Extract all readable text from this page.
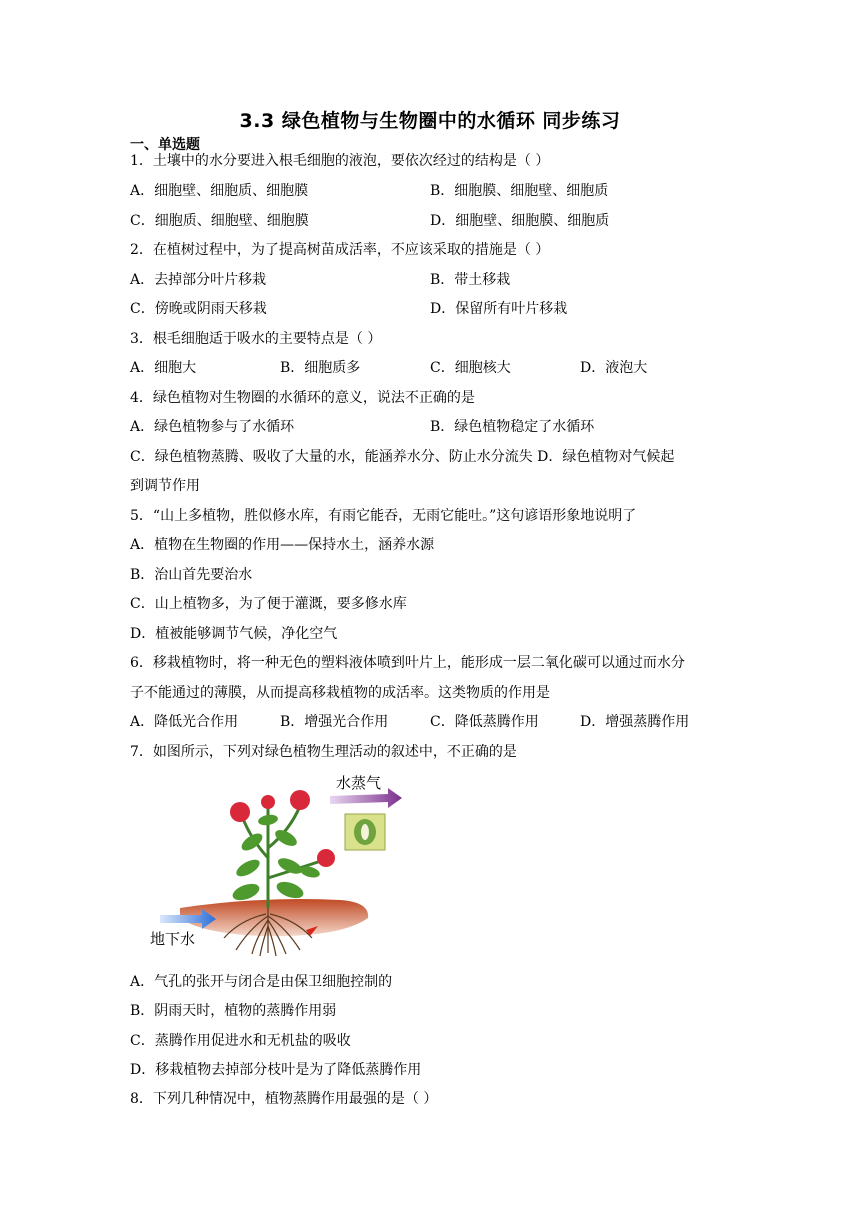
3.3 绿色植物与生物圈中的水循环 同步练习
一、单选题
1．土壤中的水分要进入根毛细胞的液泡，要依次经过的结构是（ ）
A．细胞壁、细胞质、细胞膜	B．细胞膜、细胞壁、细胞质
C．细胞质、细胞壁、细胞膜	D．细胞壁、细胞膜、细胞质
2．在植树过程中，为了提高树苗成活率，不应该采取的措施是（ ）
A．去掉部分叶片移栽	B．带土移栽
C．傍晚或阴雨天移栽	D．保留所有叶片移栽
3．根毛细胞适于吸水的主要特点是（ ）
A．细胞大	B．细胞质多	C．细胞核大	D．液泡大
4．绿色植物对生物圈的水循环的意义，说法不正确的是
A．绿色植物参与了水循环	B．绿色植物稳定了水循环
C．绿色植物蒸腾、吸收了大量的水，能涵养水分、防止水分流失 D．绿色植物对气候起
到调节作用
5．“山上多植物，胜似修水库，有雨它能吞，无雨它能吐。”这句谚语形象地说明了
A．植物在生物圈的作用——保持水土，涵养水源
B．治山首先要治水
C．山上植物多，为了便于灌溉，要多修水库
D．植被能够调节气候，净化空气
6．移栽植物时，将一种无色的塑料液体喷到叶片上，能形成一层二氧化碳可以通过而水分
子不能通过的薄膜，从而提高移栽植物的成活率。这类物质的作用是
A．降低光合作用	B．增强光合作用	C．降低蒸腾作用	D．增强蒸腾作用
7．如图所示，下列对绿色植物生理活动的叙述中，不正确的是
水蒸气
地下水
A．气孔的张开与闭合是由保卫细胞控制的
B．阴雨天时，植物的蒸腾作用弱
C．蒸腾作用促进水和无机盐的吸收
D．移栽植物去掉部分枝叶是为了降低蒸腾作用
8．下列几种情况中，植物蒸腾作用最强的是（ ）
